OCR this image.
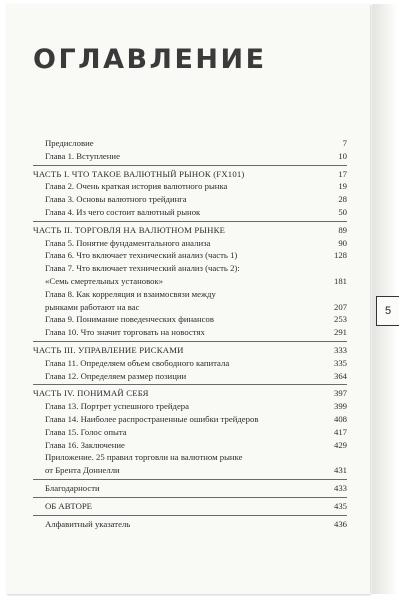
5
ОГЛАВЛЕНИЕ
Предисловие	7
Глава 1. Вступление	10
ЧАСТЬ I. ЧТО ТАКОЕ ВАЛЮТНЫЙ РЫНОК (FX101)	17
Глава 2. Очень краткая история валютного рынка	19
Глава 3. Основы валютного трейдинга	28
Глава 4. Из чего состоит валютный рынок	50
ЧАСТЬ II. ТОРГОВЛЯ НА ВАЛЮТНОМ РЫНКЕ	89
Глава 5. Понятие фундаментального анализа	90
Глава 6. Что включает технический анализ (часть 1)	128
Глава 7. Что включает технический анализ (часть 2):
«Семь смертельных установок»	181
Глава 8. Как корреляция и взаимосвязи между
рынками работают на вас	207
Глава 9. Понимание поведенческих финансов	253
Глава 10. Что значит торговать на новостях	291
ЧАСТЬ III. УПРАВЛЕНИЕ РИСКАМИ	333
Глава 11. Определяем объем свободного капитала	335
Глава 12. Определяем размер позиции	364
ЧАСТЬ IV. ПОНИМАЙ СЕБЯ	397
Глава 13. Портрет успешного трейдера	399
Глава 14. Наиболее распространенные ошибки трейдеров	408
Глава 15. Голос опыта	417
Глава 16. Заключение	429
Приложение. 25 правил торговли на валютном рынке
от Брента Доннелли	431
Благодарности	433
ОБ АВТОРЕ	435
Алфавитный указатель	436
